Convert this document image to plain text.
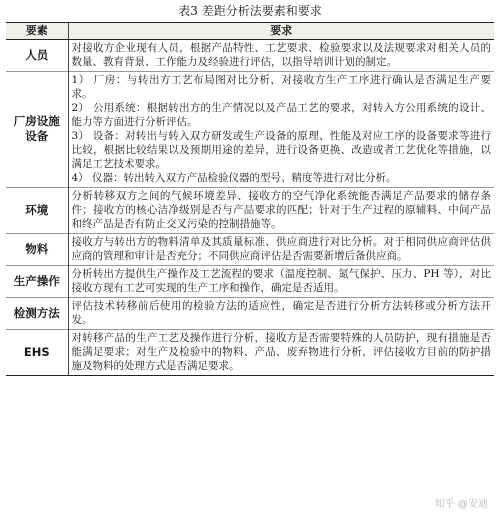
表3 差距分析法要素和要求
要素	要求
人员	对接收方企业现有人员，根据产品特性、工艺要求、检验要求以及法规要求对相关人员的数量、教育背景、工作能力及经验进行评估，以指导培训计划的制定。

厂房设施设备	1） 厂房：与转出方工艺布局图对比分析，对接收方生产工序进行确认是否满足生产要求。

2） 公用系统：根据转出方的生产情况以及产品工艺的要求，对转入方公用系统的设计、能力等方面进行分析评估。

3） 设备：对转出与转入双方研发或生产设备的原理、性能及对应工序的设备要求等进行比较，根据比较结果以及预期用途的差异，进行设备更换、改造或者工艺优化等措施，以满足工艺技术要求。

4） 仪器：转出转入双方产品检验仪器的型号、精度等进行对比分析。

环境	分析转移双方之间的气候环境差异、接收方的空气净化系统能否满足产品要求的储存条件；接收方的核心洁净级别是否与产品要求的匹配；针对于生产过程的原辅料、中间产品和终产品是否有防止交叉污染的控制措施等。

物料	接收方与转出方的物料清单及其质量标准、供应商进行对比分析。对于相同供应商评估供应商的管理和审计是否充分；不同供应商评估是否需要新增后备供应商。

生产操作	分析转出方提供生产操作及工艺流程的要求（温度控制、氮气保护、压力、PH 等），对比接收方现有工艺可实现的生产工序和操作，确定是否适用。

检测方法	评估技术转移前后使用的检验方法的适应性，确定是否进行分析方法转移或分析方法开发。

EHS	对转移产品的生产工艺及操作进行分析，接收方是否需要特殊的人员防护，现有措施是否能满足要求；对生产及检验中的物料、产品、废弃物进行分析，评估接收方目前的防护措施及物料的处理方式是否满足要求。

知乎 @安迪
